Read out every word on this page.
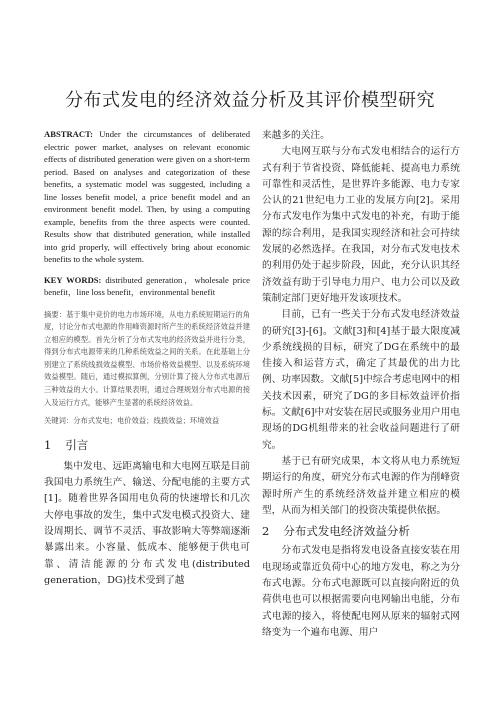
分布式发电的经济效益分析及其评价模型研究

ABSTRACT: Under the circumstances of deliberated electric power market, analyses on relevant economic effects of distributed generation were given on a short-term period. Based on analyses and categorization of these benefits, a systematic model was suggested, including a line losses benefit model, a price benefit model and an environment benefit model. Then, by using a computing example, benefits from the three aspects were counted. Results show that distributed generation, while installed into grid properly, will effectively bring about economic benefits to the whole system.

KEY WORDS: distributed generation，wholesale price benefit，line loss benefit，environmental benefit

摘要：基于集中竞价的电力市场环境，从电力系统短期运行的角度，讨论分布式电源的作用峰资源时所产生的系统经济效益并建立相应的模型。首先分析了分布式发电的经济效益并进行分类，得到分布式电源带来的几种系统效益之间的关系。在此基础上分别建立了系统线损效益模型、市场价格效益模型、以及系统环境效益模型。随后，通过模拟算例，分别计算了接入分布式电源后三种效益的大小。计算结果表明，通过合理规划分布式电源的接入及运行方式，能够产生显著的系统经济效益。

关键词：分布式发电；电价效益；线损效益；环境效益

1 引言

集中发电、远距离输电和大电网互联是目前我国电力系统生产、输送、分配电能的主要方式[1]。随着世界各国用电负荷的快速增长和几次大停电事故的发生，集中式发电模式投资大、建设周期长、调节不灵活、事故影响大等弊端逐渐暴露出来。小容量、低成本、能够便于供电可靠、清洁能源的分布式发电(distributed generation，DG)技术受到了越

来越多的关注。

大电网互联与分布式发电相结合的运行方式有利于节省投资、降低能耗、提高电力系统可靠性和灵活性，是世界许多能源、电力专家公认的21世纪电力工业的发展方向[2]。采用分布式发电作为集中式发电的补充，有助于能源的综合利用，是我国实现经济和社会可持续发展的必然选择。在我国，对分布式发电技术的利用仍处于起步阶段，因此，充分认识其经济效益有助于引导电力用户、电力公司以及政策制定部门更好地开发该项技术。

目前，已有一些关于分布式发电经济效益的研究[3]-[6]。文献[3]和[4]基于最大限度减少系统线损的目标，研究了DG在系统中的最佳接入和运营方式，确定了其最优的出力比例、功率因数。文献[5]中综合考虑电网中的相关技术因素，研究了DG的多目标效益评价指标。文献[6]中对安装在居民或服务业用户用电现场的DG机组带来的社会收益问题进行了研究。

基于已有研究成果，本文将从电力系统短期运行的角度，研究分布式电源的作为削峰资源时所产生的系统经济效益并建立相应的模型，从而为相关部门的投资决策提供依据。

2 分布式发电经济效益分析

分布式发电是指将发电设备直接安装在用电现场或靠近负荷中心的地方发电，称之为分布式电源。分布式电源既可以直接向附近的负荷供电也可以根据需要向电网输出电能，分布式电源的接入，将使配电网从原来的辐射式网络变为一个遍布电源、用户
